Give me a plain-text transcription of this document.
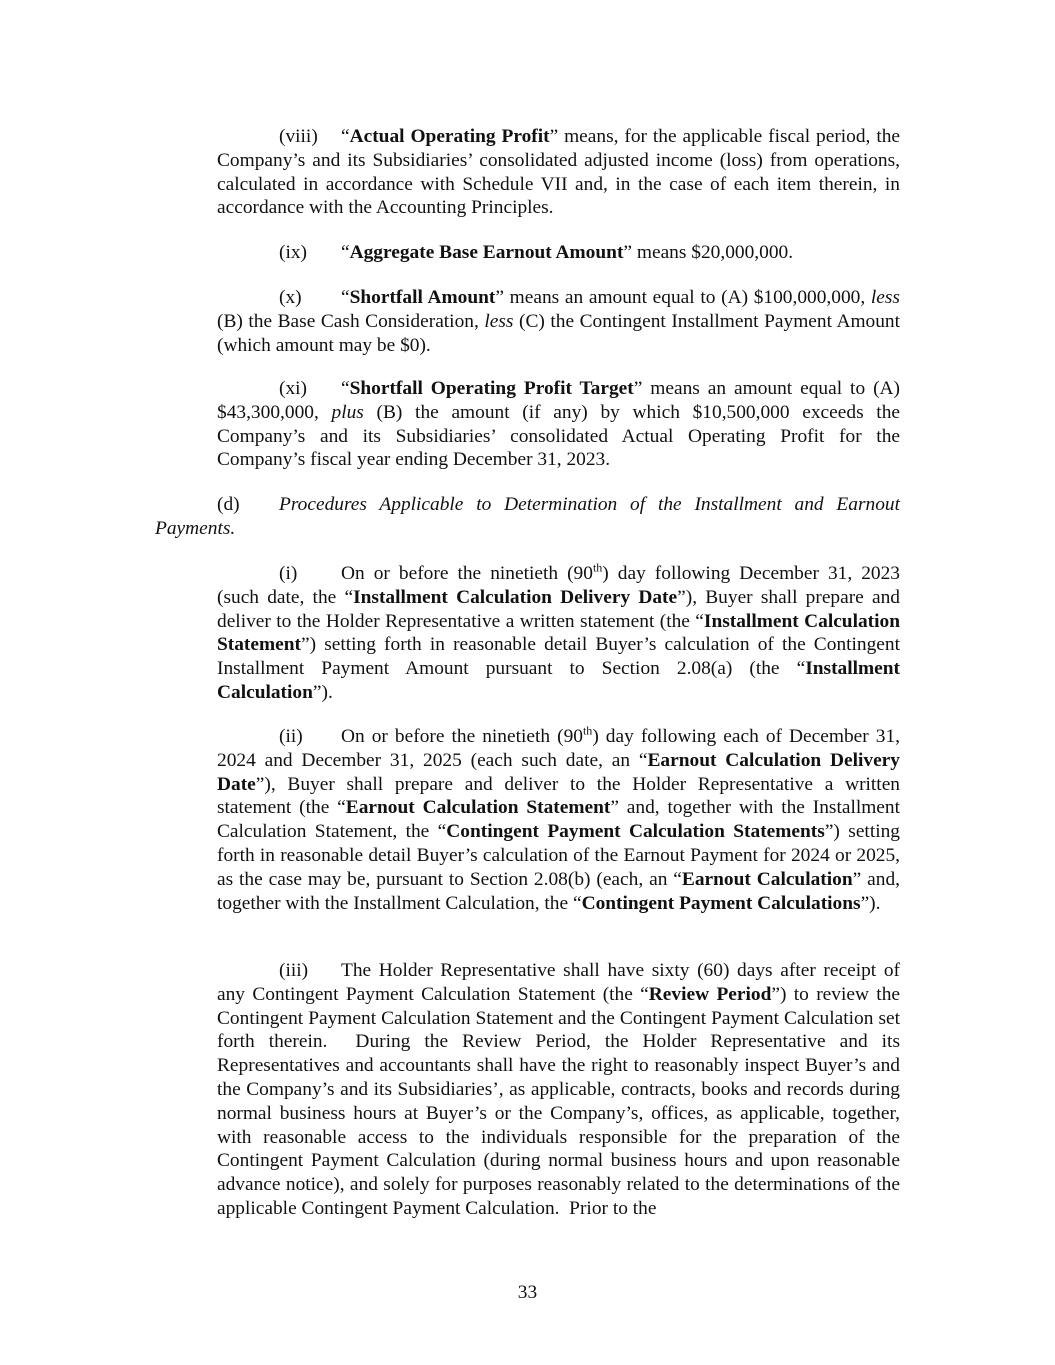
(viii) “Actual Operating Profit” means, for the applicable fiscal period, the Company’s and its Subsidiaries’ consolidated adjusted income (loss) from operations, calculated in accordance with Schedule VII and, in the case of each item therein, in accordance with the Accounting Principles.

(ix) “Aggregate Base Earnout Amount” means $20,000,000.

(x) “Shortfall Amount” means an amount equal to (A) $100,000,000, less (B) the Base Cash Consideration, less (C) the Contingent Installment Payment Amount (which amount may be $0).

(xi) “Shortfall Operating Profit Target” means an amount equal to (A) $43,300,000, plus (B) the amount (if any) by which $10,500,000 exceeds the Company’s and its Subsidiaries’ consolidated Actual Operating Profit for the Company’s fiscal year ending December 31, 2023.

(d) Procedures Applicable to Determination of the Installment and Earnout Payments.

(i) On or before the ninetieth (90th) day following December 31, 2023 (such date, the “Installment Calculation Delivery Date”), Buyer shall prepare and deliver to the Holder Representative a written statement (the “Installment Calculation Statement”) setting forth in reasonable detail Buyer’s calculation of the Contingent Installment Payment Amount pursuant to Section 2.08(a) (the “Installment Calculation”).

(ii) On or before the ninetieth (90th) day following each of December 31, 2024 and December 31, 2025 (each such date, an “Earnout Calculation Delivery Date”), Buyer shall prepare and deliver to the Holder Representative a written statement (the “Earnout Calculation Statement” and, together with the Installment Calculation Statement, the “Contingent Payment Calculation Statements”) setting forth in reasonable detail Buyer’s calculation of the Earnout Payment for 2024 or 2025, as the case may be, pursuant to Section 2.08(b) (each, an “Earnout Calculation” and, together with the Installment Calculation, the “Contingent Payment Calculations”).

(iii) The Holder Representative shall have sixty (60) days after receipt of any Contingent Payment Calculation Statement (the “Review Period”) to review the Contingent Payment Calculation Statement and the Contingent Payment Calculation set forth therein.  During the Review Period, the Holder Representative and its Representatives and accountants shall have the right to reasonably inspect Buyer’s and the Company’s and its Subsidiaries’, as applicable, contracts, books and records during normal business hours at Buyer’s or the Company’s, offices, as applicable, together, with reasonable access to the individuals responsible for the preparation of the Contingent Payment Calculation (during normal business hours and upon reasonable advance notice), and solely for purposes reasonably related to the determinations of the applicable Contingent Payment Calculation.  Prior to the

33
